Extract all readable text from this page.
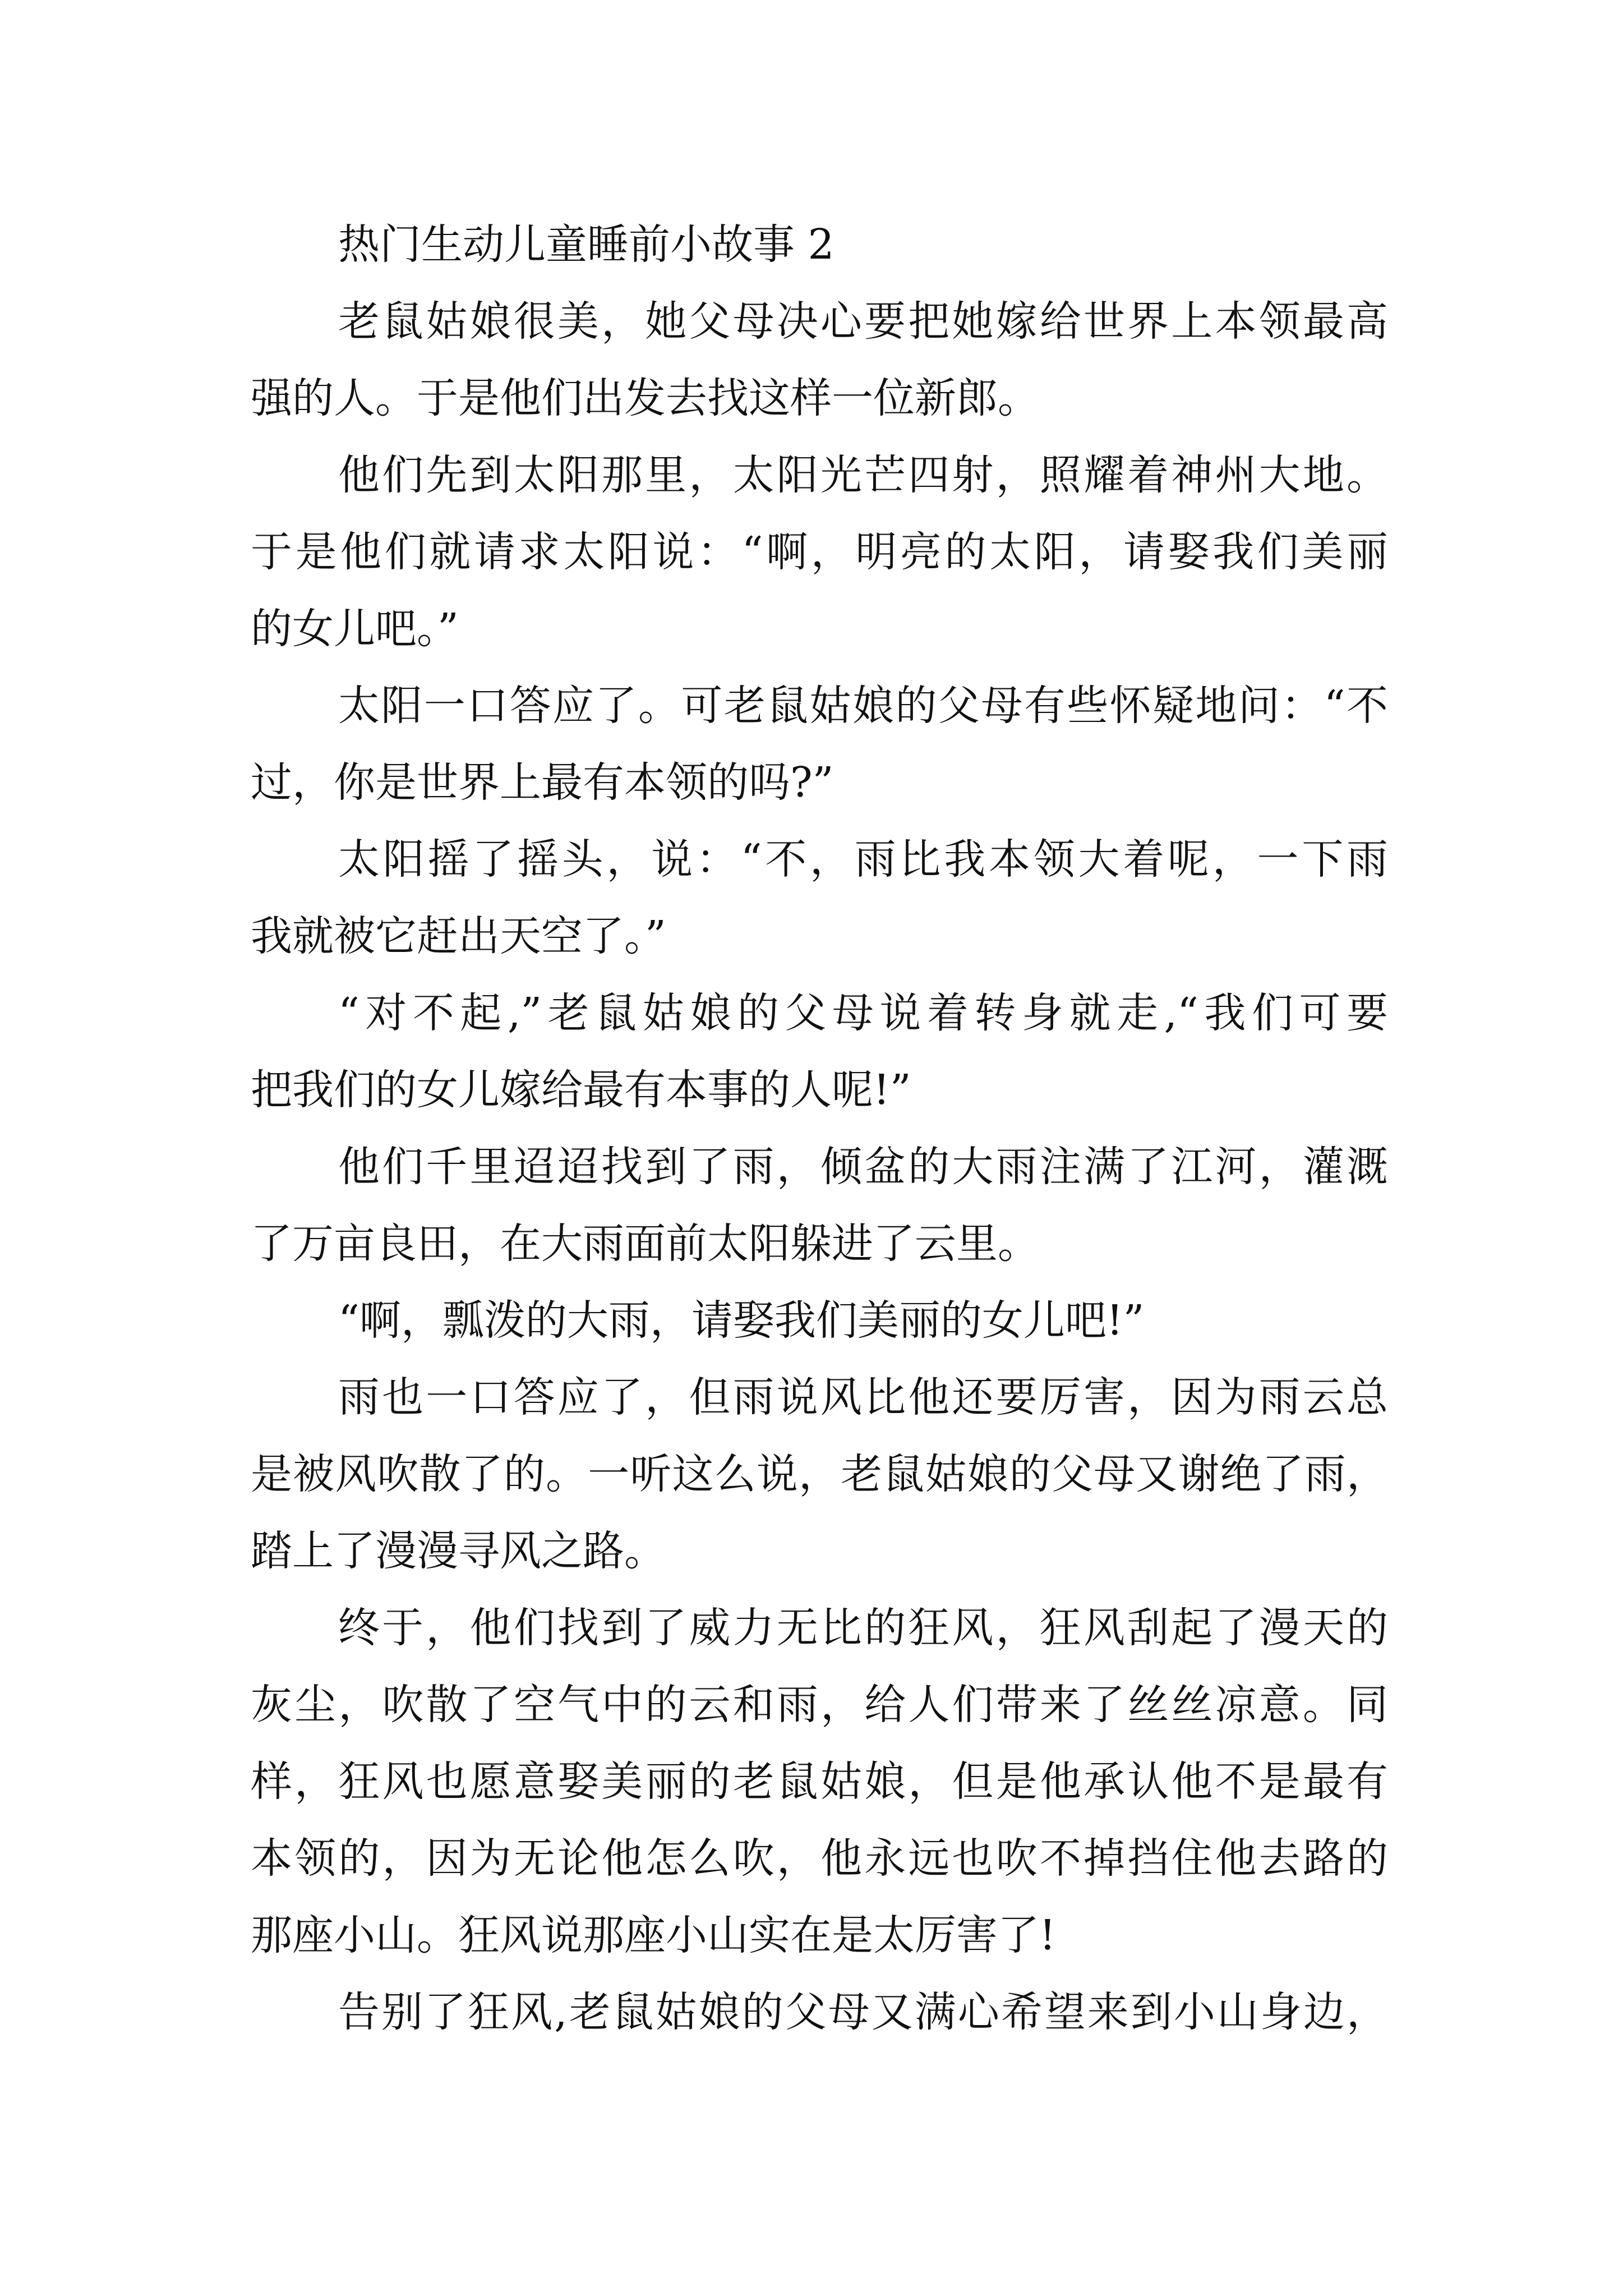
热门生动儿童睡前小故事 2
老鼠姑娘很美，她父母决心要把她嫁给世界上本领最高
强的人。于是他们出发去找这样一位新郎。
他们先到太阳那里，太阳光芒四射，照耀着神州大地。
于是他们就请求太阳说：“啊，明亮的太阳，请娶我们美丽
的女儿吧。”
太阳一口答应了。可老鼠姑娘的父母有些怀疑地问：“不
过，你是世界上最有本领的吗?”
太阳摇了摇头，说：“不，雨比我本领大着呢，一下雨
我就被它赶出天空了。”
“对不起,”老鼠姑娘的父母说着转身就走,“我们可要
把我们的女儿嫁给最有本事的人呢!”
他们千里迢迢找到了雨，倾盆的大雨注满了江河，灌溉
了万亩良田，在大雨面前太阳躲进了云里。
“啊，瓢泼的大雨，请娶我们美丽的女儿吧!”
雨也一口答应了，但雨说风比他还要厉害，因为雨云总
是被风吹散了的。一听这么说，老鼠姑娘的父母又谢绝了雨，
踏上了漫漫寻风之路。
终于，他们找到了威力无比的狂风，狂风刮起了漫天的
灰尘，吹散了空气中的云和雨，给人们带来了丝丝凉意。同
样，狂风也愿意娶美丽的老鼠姑娘，但是他承认他不是最有
本领的，因为无论他怎么吹，他永远也吹不掉挡住他去路的
那座小山。狂风说那座小山实在是太厉害了!
告别了狂风,老鼠姑娘的父母又满心希望来到小山身边，
